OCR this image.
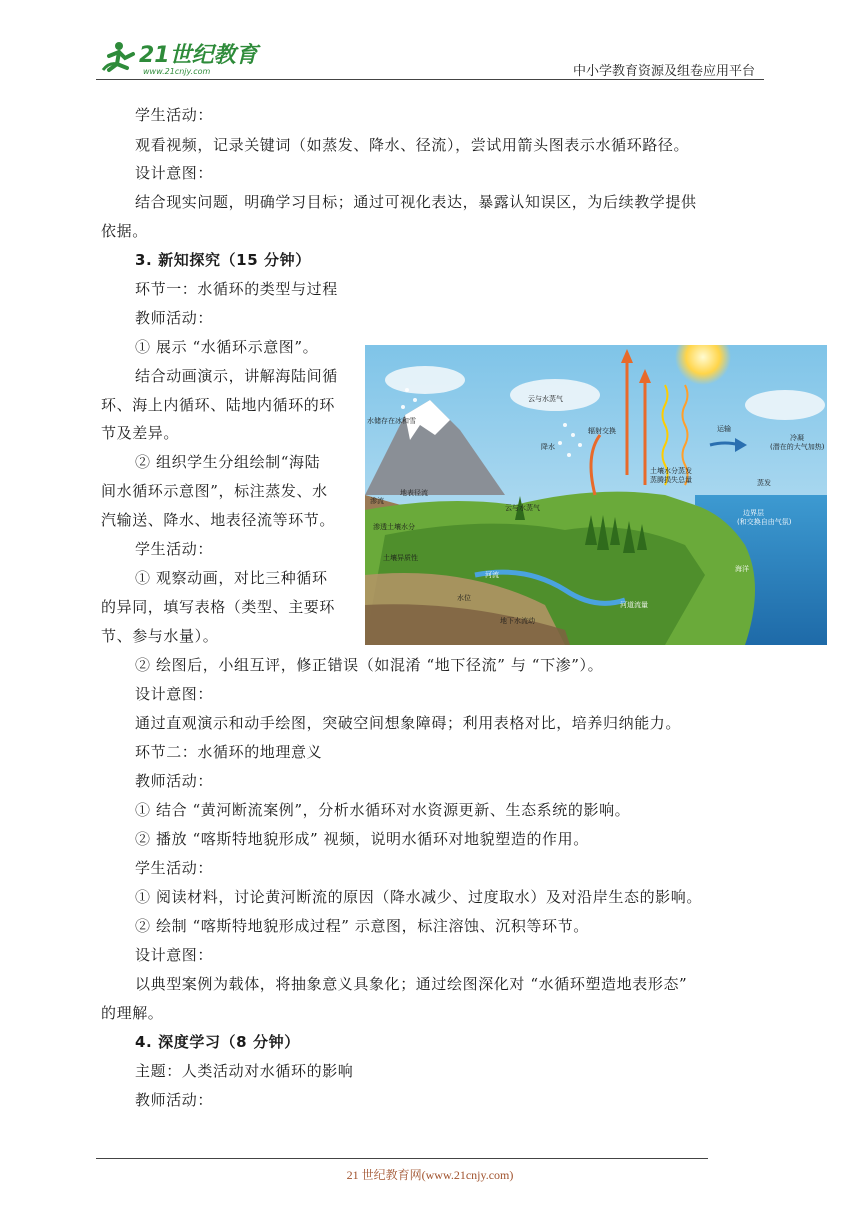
21世纪教育
www.21cnjy.com	中小学教育资源及组卷应用平台
学生活动：
观看视频，记录关键词（如蒸发、降水、径流），尝试用箭头图表示水循环路径。
设计意图：
结合现实问题，明确学习目标；通过可视化表达，暴露认知误区，为后续教学提供
依据。
3. 新知探究（15 分钟）
环节一：水循环的类型与过程
教师活动：
① 展示 “水循环示意图”。
结合动画演示，讲解海陆间循
环、海上内循环、陆地内循环的环
节及差异。
② 组织学生分组绘制“海陆
间水循环示意图”，标注蒸发、水
汽输送、降水、地表径流等环节。
学生活动：
① 观察动画，对比三种循环
的异同，填写表格（类型、主要环
节、参与水量）。
② 绘图后，小组互评，修正错误（如混淆 “地下径流” 与 “下渗”）。
设计意图：
通过直观演示和动手绘图，突破空间想象障碍；利用表格对比，培养归纳能力。
环节二：水循环的地理意义
教师活动：
① 结合 “黄河断流案例”，分析水循环对水资源更新、生态系统的影响。
② 播放 “喀斯特地貌形成” 视频，说明水循环对地貌塑造的作用。
学生活动：
① 阅读材料，讨论黄河断流的原因（降水减少、过度取水）及对沿岸生态的影响。
② 绘制 “喀斯特地貌形成过程” 示意图，标注溶蚀、沉积等环节。
设计意图：
以典型案例为载体，将抽象意义具象化；通过绘图深化对 “水循环塑造地表形态”
的理解。
4. 深度学习（8 分钟）
主题：人类活动对水循环的影响
教师活动：
云与水蒸气
辐射交换	运输
冷凝
(潜在的大气加热)
水储存在冰和雪
降水
土壤水分蒸发
蒸腾损失总量	蒸发
地表径流
云与水蒸气
渗流
边界层
(和交换自由气氛)
渗透土壤水分
土壤异质性
河流
海洋
水位
河道流量
地下水流动
21 世纪教育网(www.21cnjy.com)
